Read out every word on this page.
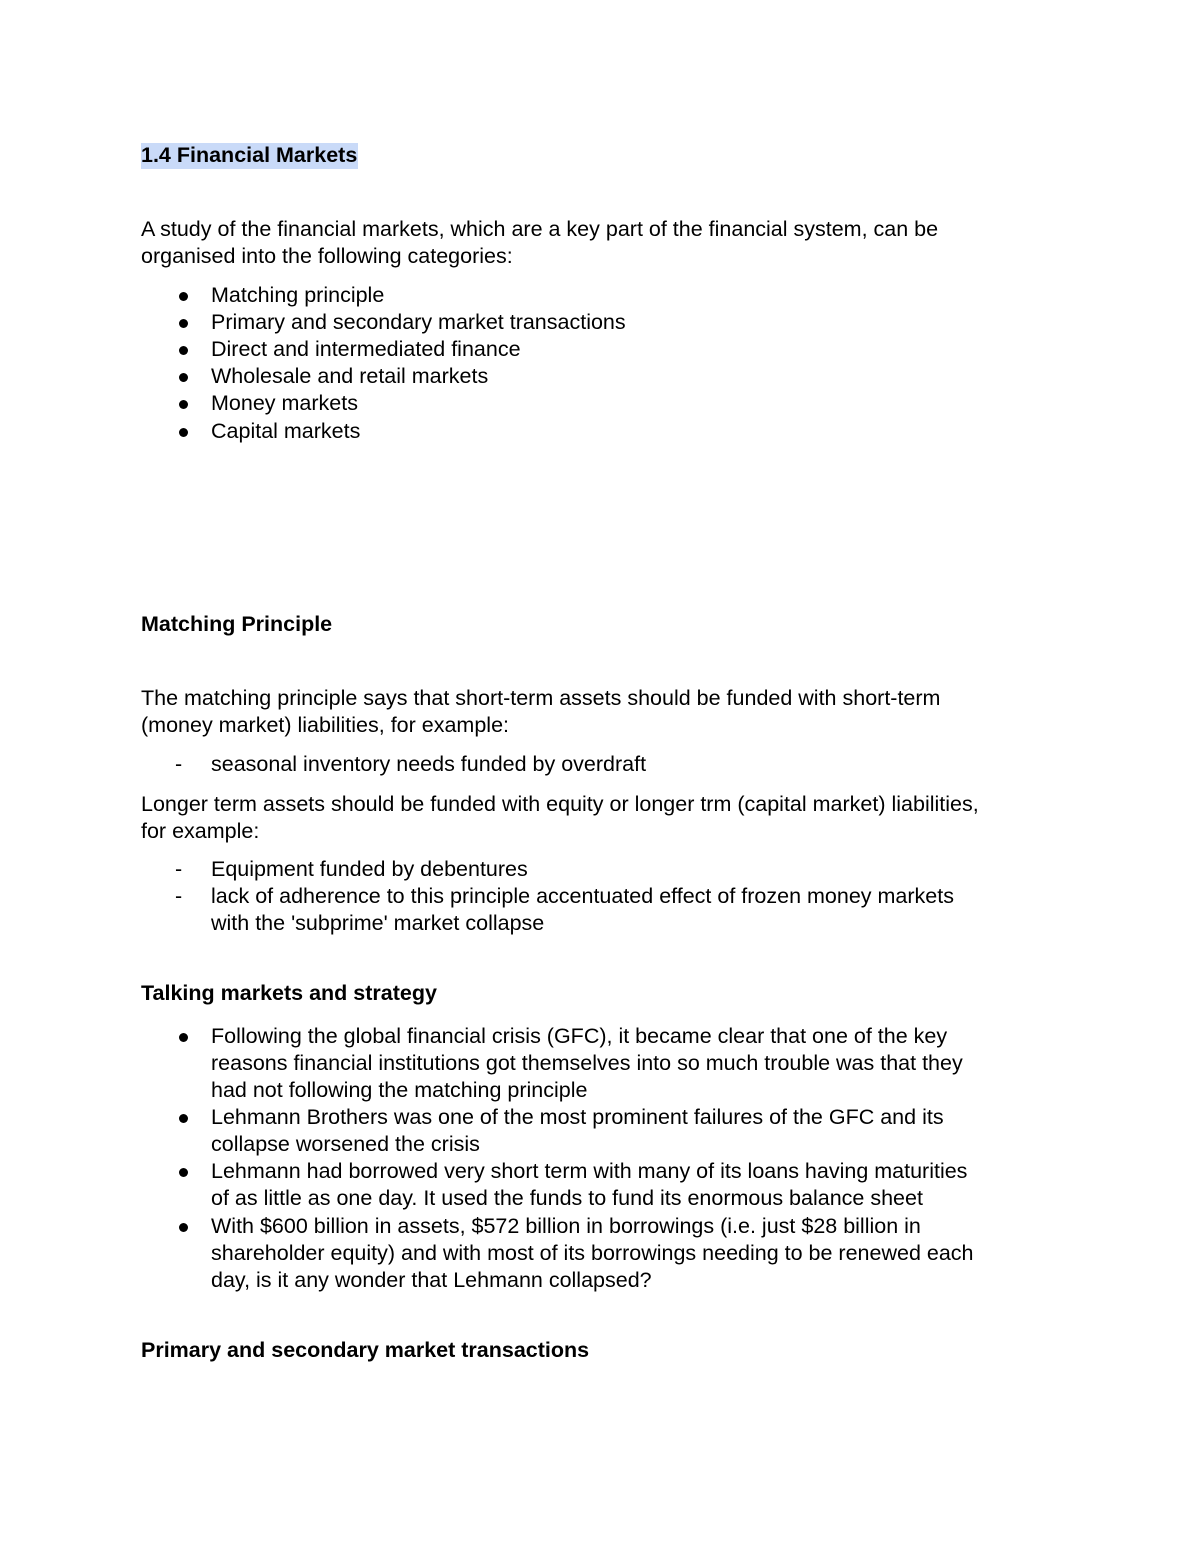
1.4 Financial Markets
A study of the financial markets, which are a key part of the financial system, can be
organised into the following categories:
Matching principle
Primary and secondary market transactions
Direct and intermediated finance
Wholesale and retail markets
Money markets
Capital markets
Matching Principle
The matching principle says that short-term assets should be funded with short-term
(money market) liabilities, for example:
- seasonal inventory needs funded by overdraft
Longer term assets should be funded with equity or longer trm (capital market) liabilities,
for example:
- Equipment funded by debentures
- lack of adherence to this principle accentuated effect of frozen money markets
with the 'subprime' market collapse
Talking markets and strategy
Following the global financial crisis (GFC), it became clear that one of the key
reasons financial institutions got themselves into so much trouble was that they
had not following the matching principle
Lehmann Brothers was one of the most prominent failures of the GFC and its
collapse worsened the crisis
Lehmann had borrowed very short term with many of its loans having maturities
of as little as one day. It used the funds to fund its enormous balance sheet
With $600 billion in assets, $572 billion in borrowings (i.e. just $28 billion in
shareholder equity) and with most of its borrowings needing to be renewed each
day, is it any wonder that Lehmann collapsed?
Primary and secondary market transactions
